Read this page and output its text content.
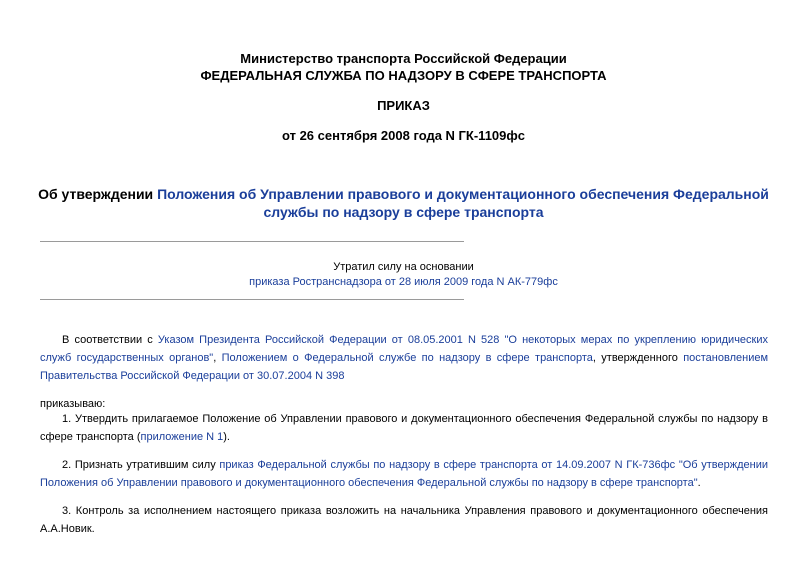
Министерство транспорта Российской Федерации
ФЕДЕРАЛЬНАЯ СЛУЖБА ПО НАДЗОРУ В СФЕРЕ ТРАНСПОРТА
ПРИКАЗ
от 26 сентября 2008 года N ГК-1109фс
Об утверждении Положения об Управлении правового и документационного обеспечения Федеральной
службы по надзору в сфере транспорта
Утратил силу на основании
приказа Ространснадзора от 28 июля 2009 года N АК-779фс
В соответствии с Указом Президента Российской Федерации от 08.05.2001 N 528 "О некоторых мерах по укреплению юридических служб государственных органов", Положением о Федеральной службе по надзору в сфере транспорта, утвержденного постановлением Правительства Российской Федерации от 30.07.2004 N 398
приказываю:
1. Утвердить прилагаемое Положение об Управлении правового и документационного обеспечения Федеральной службы по надзору в сфере транспорта (приложение N 1).
2. Признать утратившим силу приказ Федеральной службы по надзору в сфере транспорта от 14.09.2007 N ГК-736фс "Об утверждении Положения об Управлении правового и документационного обеспечения Федеральной службы по надзору в сфере транспорта".
3. Контроль за исполнением настоящего приказа возложить на начальника Управления правового и документационного обеспечения А.А.Новик.
